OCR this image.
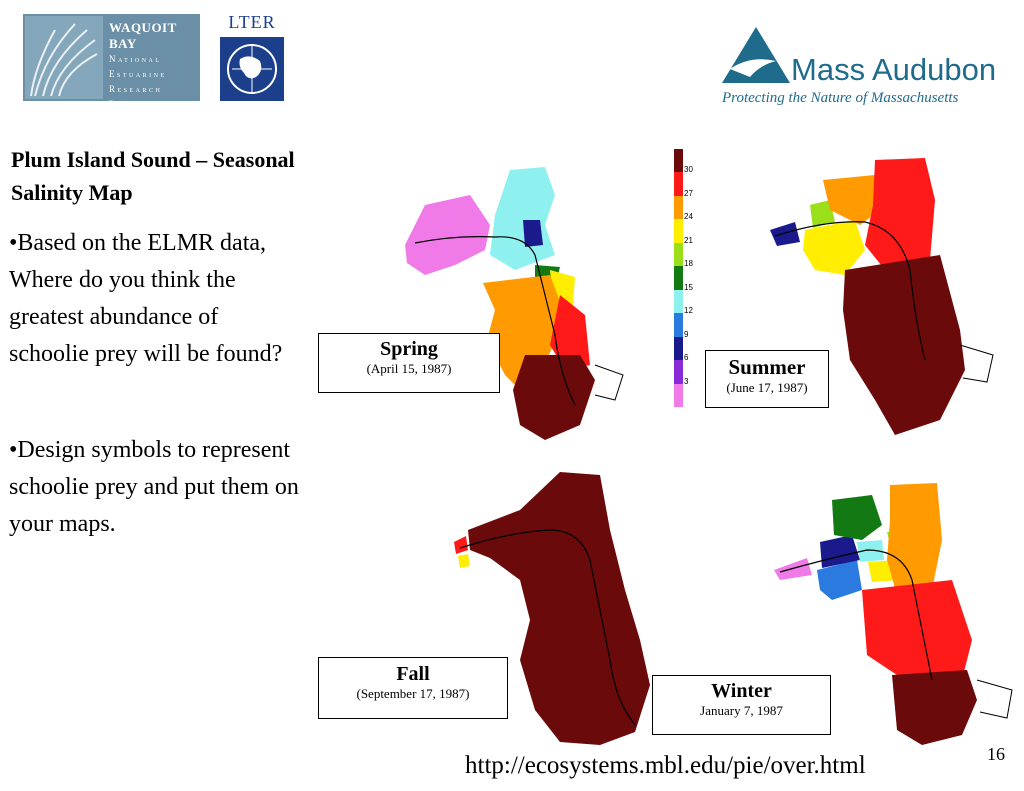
WAQUOIT BAY
National
Estuarine
Research
Reserve
LTER
Mass Audubon
Protecting the Nature of Massachusetts
Plum Island Sound – Seasonal Salinity Map
•Based on the ELMR data, Where do you think the greatest abundance of schoolie prey will be found?
•Design symbols to represent schoolie prey and put them on your maps.
30
27
24
21
18
15
12
9
6
3
Spring
(April 15, 1987)	Summer
(June 17, 1987)
Fall
(September 17, 1987)	Winter
January 7, 1987
http://ecosystems.mbl.edu/pie/over.html	16
